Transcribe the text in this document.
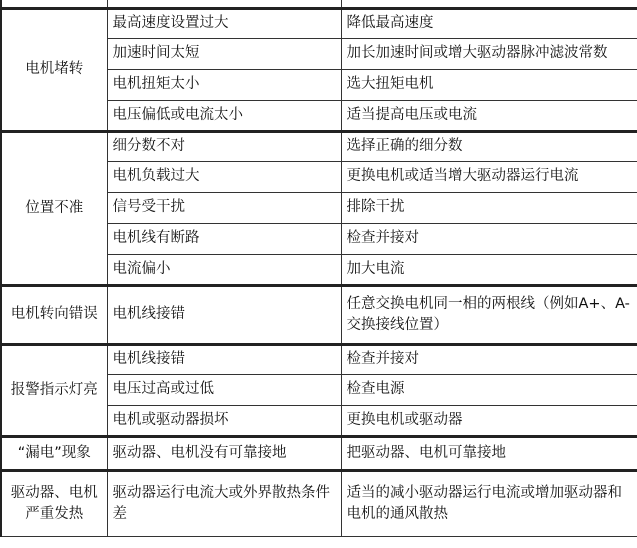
电机堵转	最高速度设置过大	降低最高速度
	加速时间太短	加长加速时间或增大驱动器脉冲滤波常数
	电机扭矩太小	选大扭矩电机
	电压偏低或电流太小	适当提高电压或电流
位置不准	细分数不对	选择正确的细分数
	电机负载过大	更换电机或适当增大驱动器运行电流
	信号受干扰	排除干扰
	电机线有断路	检查并接对
	电流偏小	加大电流
电机转向错误	电机线接错	任意交换电机同一相的两根线（例如A+、A- 交换接线位置）
报警指示灯亮	电机线接错	检查并接对
	电压过高或过低	检查电源
	电机或驱动器损坏	更换电机或驱动器
“漏电”现象	驱动器、电机没有可靠接地	把驱动器、电机可靠接地
驱动器、电机严重发热	驱动器运行电流大或外界散热条件差	适当的减小驱动器运行电流或增加驱动器和电机的通风散热
